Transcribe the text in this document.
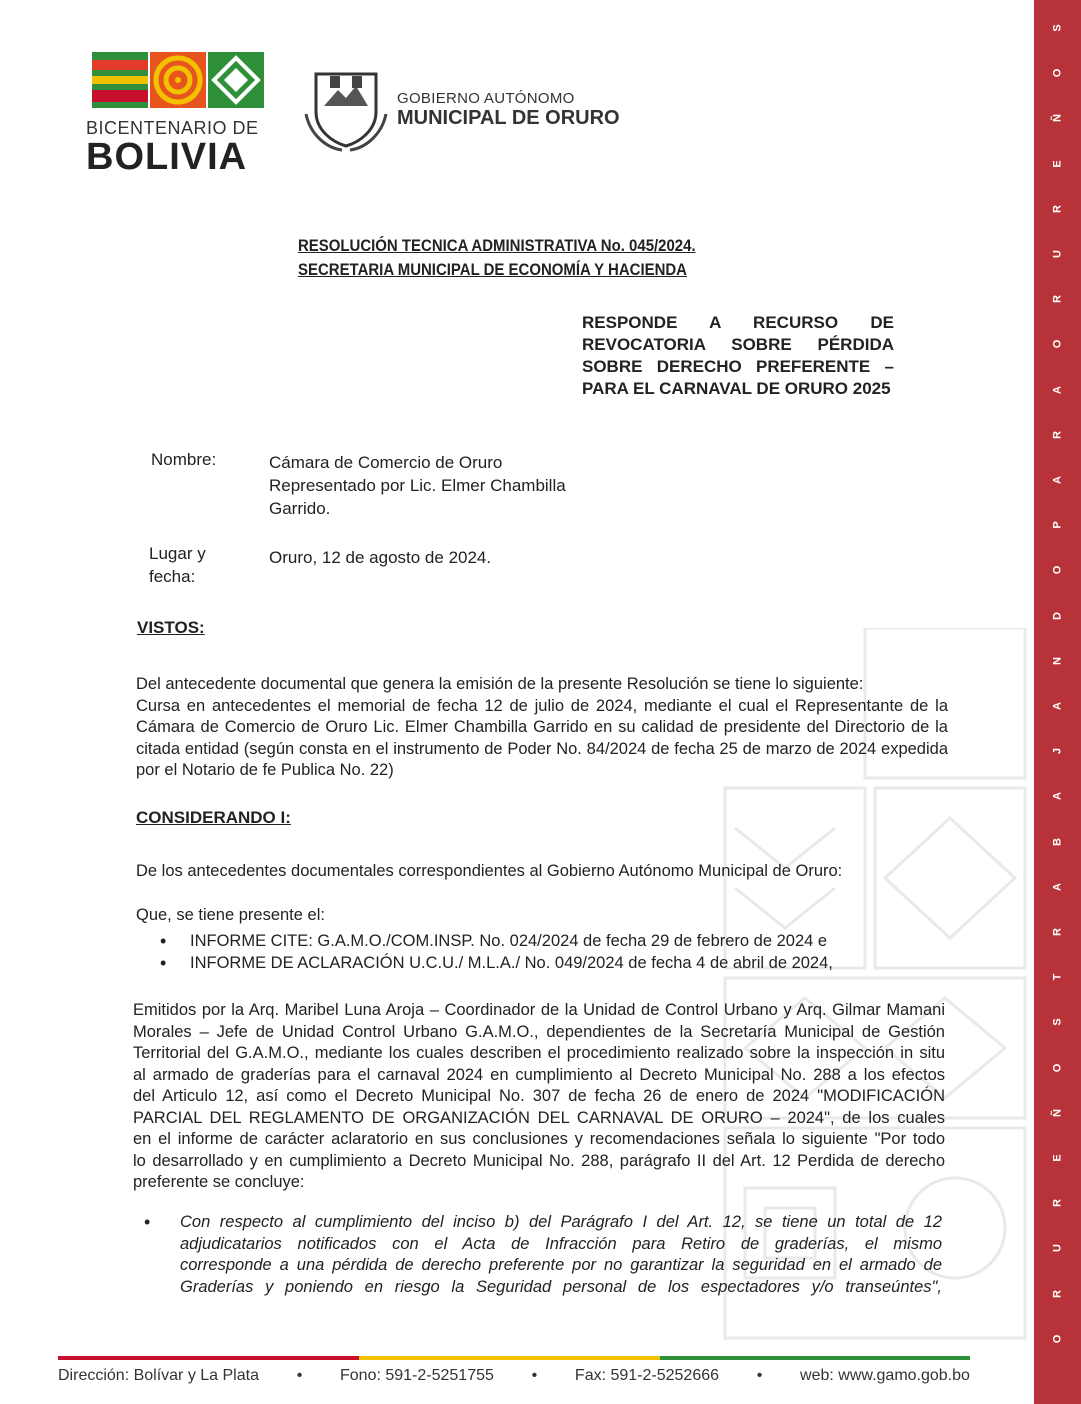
S
O
Ñ
E
R
U
R
O
A
R
A
P
O
D
N
A
J
A
B
A
R
T
S
O
Ñ
E
R
U
R
O
BICENTENARIO DE
BOLIVIA
GOBIERNO AUTÓNOMO
MUNICIPAL DE ORURO
RESOLUCIÓN TECNICA ADMINISTRATIVA No. 045/2024.
SECRETARIA MUNICIPAL DE ECONOMÍA Y HACIENDA
RESPONDE A RECURSO DE
REVOCATORIA SOBRE PÉRDIDA
SOBRE DERECHO PREFERENTE –
PARA EL CARNAVAL DE ORURO 2025
Nombre:	Cámara de Comercio de Oruro
Representado por Lic. Elmer Chambilla
Garrido.
Lugar y
fecha:
Oruro, 12 de agosto de 2024.
VISTOS:
Del antecedente documental que genera la emisión de la presente Resolución se tiene lo siguiente:
Cursa en antecedentes el memorial de fecha 12 de julio de 2024, mediante el cual el Representante de la
Cámara de Comercio de Oruro Lic. Elmer Chambilla Garrido en su calidad de presidente del Directorio de la
citada entidad (según consta en el instrumento de Poder No. 84/2024 de fecha 25 de marzo de 2024 expedida
por el Notario de fe Publica No. 22)
CONSIDERANDO I:
De los antecedentes documentales correspondientes al Gobierno Autónomo Municipal de Oruro:
Que, se tiene presente el:
• INFORME CITE: G.A.M.O./COM.INSP. No. 024/2024 de fecha 29 de febrero de 2024 e
• INFORME DE ACLARACIÓN U.C.U./ M.L.A./ No. 049/2024 de fecha 4 de abril de 2024,
Emitidos por la Arq. Maribel Luna Aroja – Coordinador de la Unidad de Control Urbano y Arq. Gilmar Mamani
Morales – Jefe de Unidad Control Urbano G.A.M.O., dependientes de la Secretaría Municipal de Gestión
Territorial del G.A.M.O., mediante los cuales describen el procedimiento realizado sobre la inspección in situ
al armado de graderías para el carnaval 2024 en cumplimiento al Decreto Municipal No. 288 a los efectos
del Articulo 12, así como el Decreto Municipal No. 307 de fecha 26 de enero de 2024 "MODIFICACIÓN
PARCIAL DEL REGLAMENTO DE ORGANIZACIÓN DEL CARNAVAL DE ORURO – 2024", de los cuales
en el informe de carácter aclaratorio en sus conclusiones y recomendaciones señala lo siguiente "Por todo
lo desarrollado y en cumplimiento a Decreto Municipal No. 288, parágrafo II del Art. 12 Perdida de derecho
preferente se concluye:
• Con respecto al cumplimiento del inciso b) del Parágrafo I del Art. 12, se tiene un total de 12
adjudicatarios notificados con el Acta de Infracción para Retiro de graderías, el mismo
corresponde a una pérdida de derecho preferente por no garantizar la seguridad en el armado de
Graderías y poniendo en riesgo la Seguridad personal de los espectadores y/o transeúntes",
Dirección: Bolívar y La Plata • Fono: 591-2-5251755 • Fax: 591-2-5252666 • web: www.gamo.gob.bo
